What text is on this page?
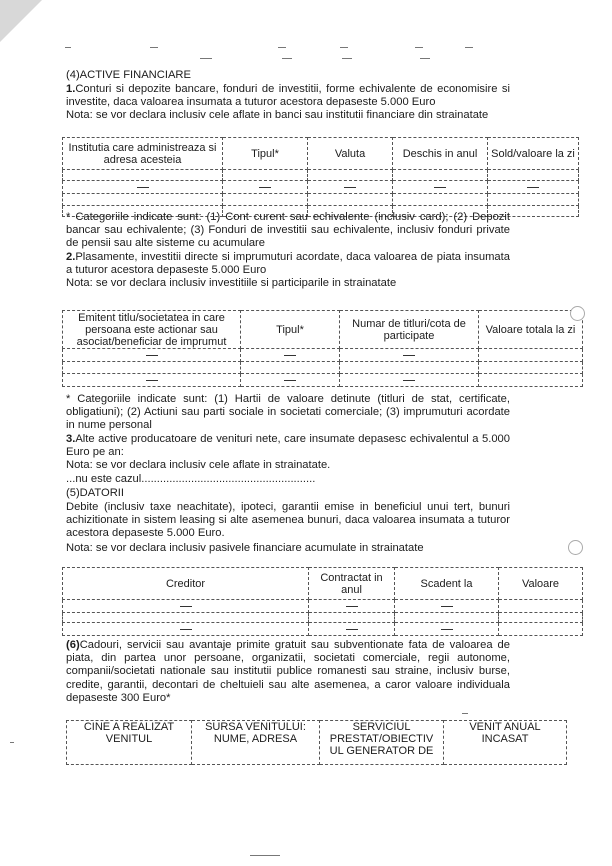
(4)ACTIVE FINANCIARE
1.Conturi si depozite bancare, fonduri de investitii, forme echivalente de economisire si investite, daca valoarea insumata a tuturor acestora depaseste 5.000 Euro
Nota: se vor declara inclusiv cele aflate in banci sau institutii financiare din strainatate
Institutia care administreaza si adresa acesteia	Tipul*	Valuta	Deschis in anul	Sold/valoare la zi

* Categoriile indicate sunt: (1) Cont curent sau echivalente (inclusiv card); (2) Depozit bancar sau echivalente; (3) Fonduri de investitii sau echivalente, inclusiv fonduri private de pensii sau alte sisteme cu acumulare
2.Plasamente, investitii directe si imprumuturi acordate, daca valoarea de piata insumata a tuturor acestora depaseste 5.000 Euro
Nota: se vor declara inclusiv investitiile si participarile in strainatate
Emitent titlu/societatea in care persoana este actionar sau asociat/beneficiar de imprumut	Tipul*	Numar de titluri/cota de participate	Valoare totala la zi

* Categoriile indicate sunt: (1) Hartii de valoare detinute (titluri de stat, certificate, obligatiuni); (2) Actiuni sau parti sociale in societati comerciale; (3) imprumuturi acordate in nume personal
3.Alte active producatoare de venituri nete, care insumate depasesc echivalentul a 5.000 Euro pe an:
Nota: se vor declara inclusiv cele aflate in strainatate.
...nu este cazul........................................................
(5)DATORII
Debite (inclusiv taxe neachitate), ipoteci, garantii emise in beneficiul unui tert, bunuri achizitionate in sistem leasing si alte asemenea bunuri, daca valoarea insumata a tuturor acestora depaseste 5.000 Euro.
Nota: se vor declara inclusiv pasivele financiare acumulate in strainatate
Creditor	Contractat in anul	Scadent la	Valoare

(6)Cadouri, servicii sau avantaje primite gratuit sau subventionate fata de valoarea de piata, din partea unor persoane, organizatii, societati comerciale, regii autonome, companii/societati nationale sau institutii publice romanesti sau straine, inclusiv burse, credite, garantii, decontari de cheltuieli sau alte asemenea, a caror valoare individuala depaseste 300 Euro*
CINE A REALIZAT VENITUL	SURSA VENITULUI: NUME, ADRESA	SERVICIUL PRESTAT/OBIECTIV UL GENERATOR DE	VENIT ANUAL INCASAT
